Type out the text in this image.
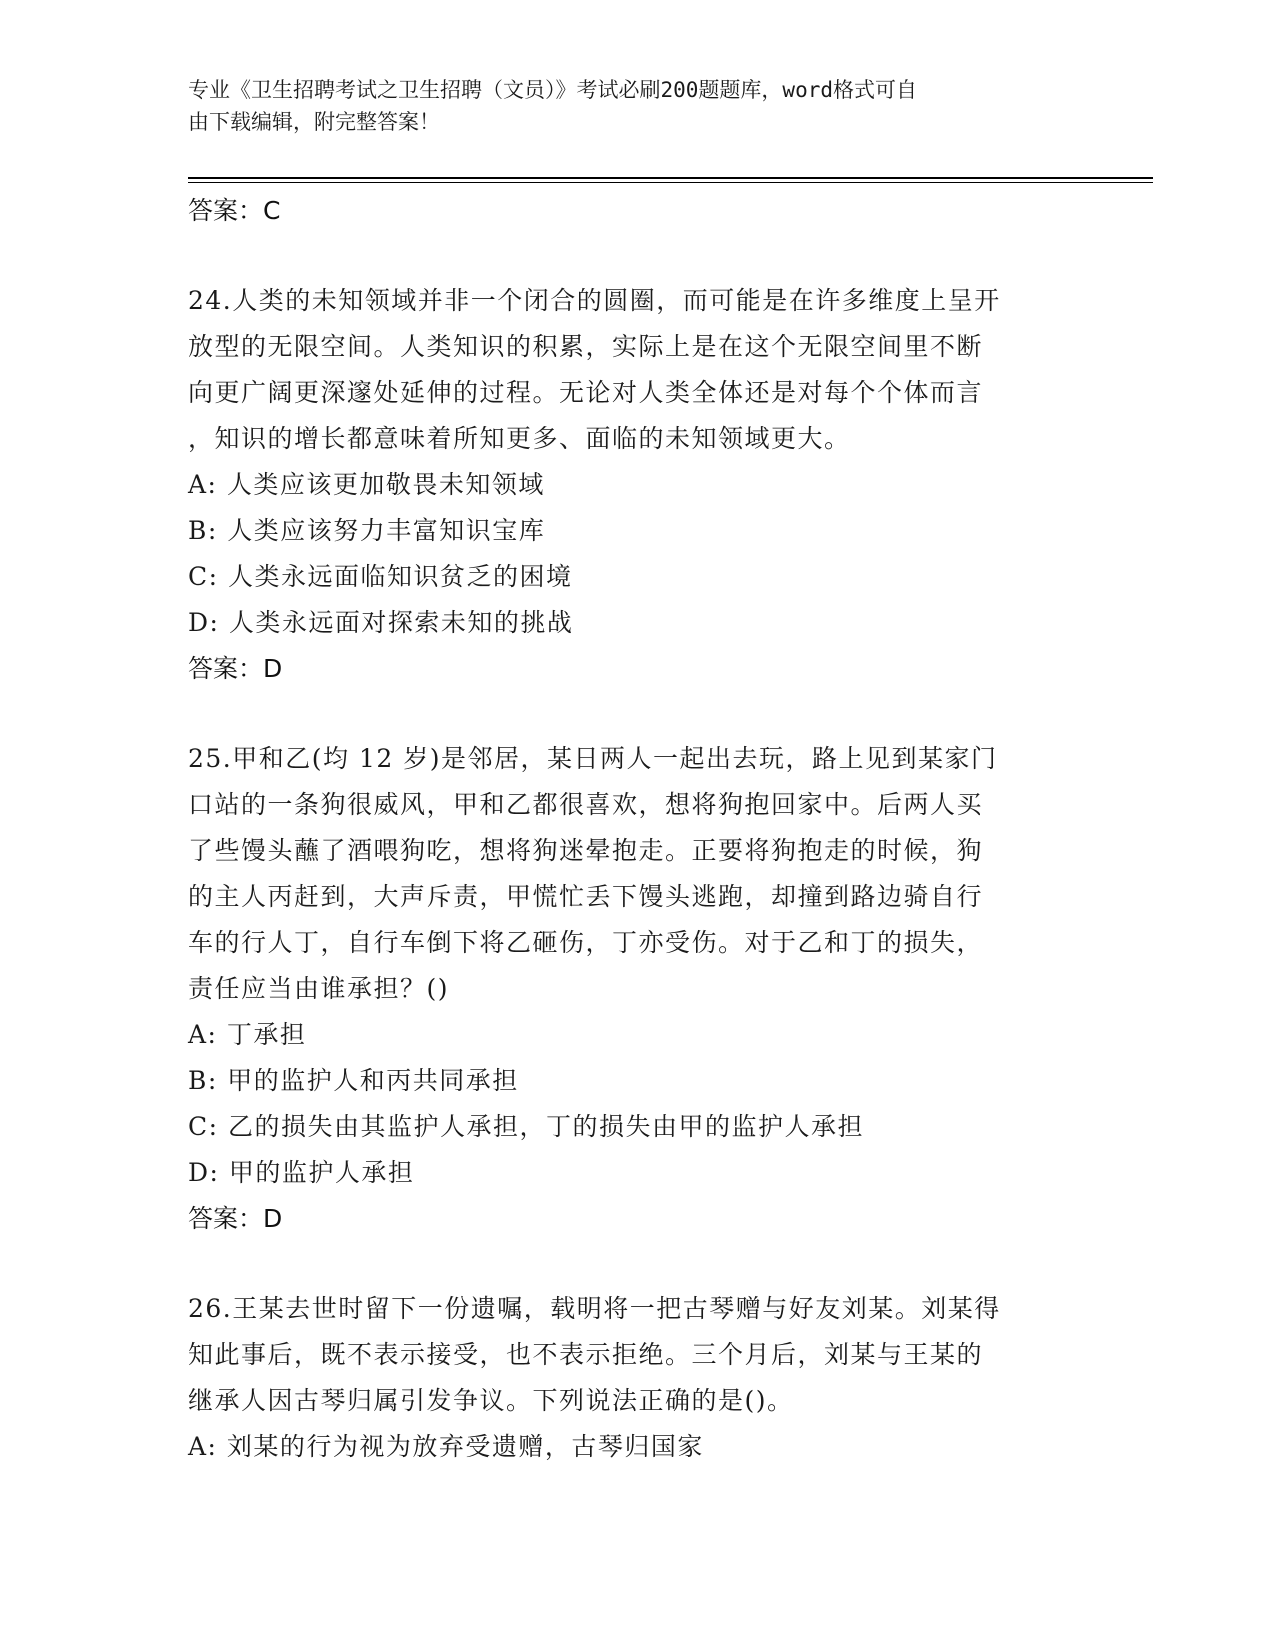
专业《卫生招聘考试之卫生招聘（文员）》考试必刷200题题库，word格式可自
由下载编辑，附完整答案！
答案：C
24.人类的未知领域并非一个闭合的圆圈，而可能是在许多维度上呈开
放型的无限空间。人类知识的积累，实际上是在这个无限空间里不断
向更广阔更深邃处延伸的过程。无论对人类全体还是对每个个体而言
，知识的增长都意味着所知更多、面临的未知领域更大。
A: 人类应该更加敬畏未知领域
B: 人类应该努力丰富知识宝库
C: 人类永远面临知识贫乏的困境
D: 人类永远面对探索未知的挑战
答案：D
25.甲和乙(均 12 岁)是邻居，某日两人一起出去玩，路上见到某家门
口站的一条狗很威风，甲和乙都很喜欢，想将狗抱回家中。后两人买
了些馒头蘸了酒喂狗吃，想将狗迷晕抱走。正要将狗抱走的时候，狗
的主人丙赶到，大声斥责，甲慌忙丢下馒头逃跑，却撞到路边骑自行
车的行人丁，自行车倒下将乙砸伤，丁亦受伤。对于乙和丁的损失，
责任应当由谁承担？()
A: 丁承担
B: 甲的监护人和丙共同承担
C: 乙的损失由其监护人承担，丁的损失由甲的监护人承担
D: 甲的监护人承担
答案：D
26.王某去世时留下一份遗嘱，载明将一把古琴赠与好友刘某。刘某得
知此事后，既不表示接受，也不表示拒绝。三个月后，刘某与王某的
继承人因古琴归属引发争议。下列说法正确的是()。
A: 刘某的行为视为放弃受遗赠，古琴归国家
